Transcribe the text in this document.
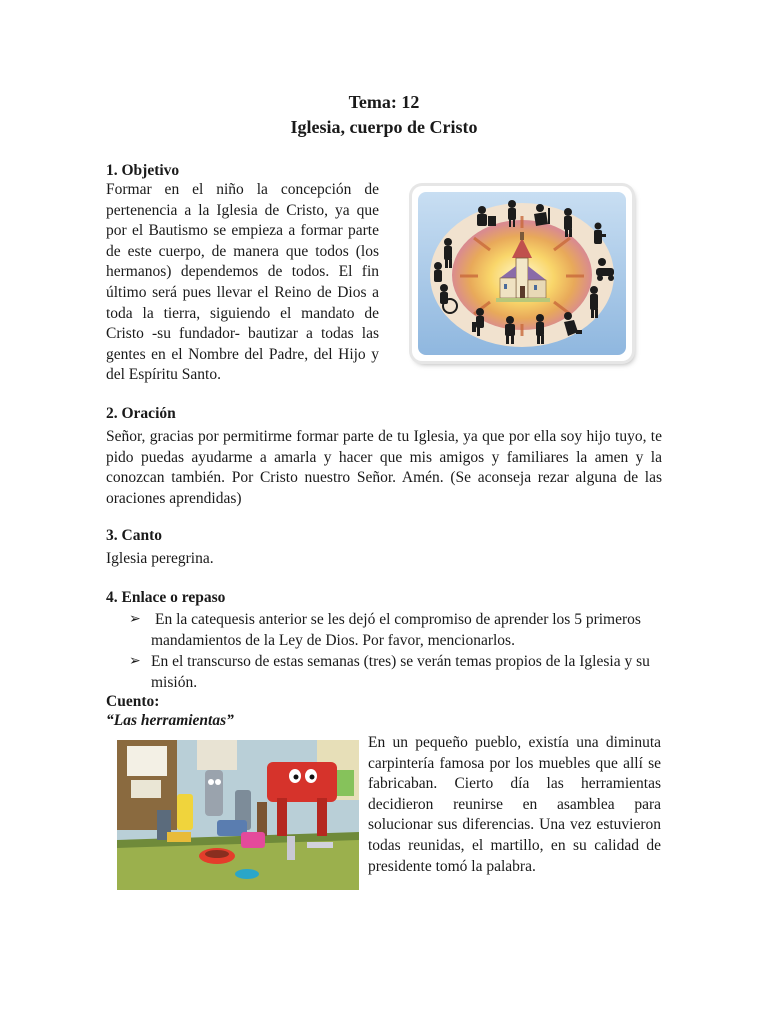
Tema: 12
Iglesia, cuerpo de Cristo
1. Objetivo
Formar en el niño la concepción de pertenencia a la Iglesia de Cristo, ya que por el Bautismo se empieza a formar parte de este cuerpo, de manera que todos (los hermanos) dependemos de todos. El fin último será pues llevar el Reino de Dios a toda la tierra, siguiendo el mandato de Cristo -su fundador- bautizar a todas las gentes en el Nombre del Padre, del Hijo y del Espíritu Santo.
2. Oración
Señor, gracias por permitirme formar parte de tu Iglesia, ya que por ella soy hijo tuyo, te pido puedas ayudarme a amarla y hacer que mis amigos y familiares la amen y la conozcan también. Por Cristo nuestro Señor. Amén. (Se aconseja rezar alguna de las oraciones aprendidas)
3. Canto
Iglesia peregrina.
4. Enlace o repaso
➢ En la catequesis anterior se les dejó el compromiso de aprender los 5 primeros mandamientos de la Ley de Dios. Por favor, mencionarlos.
➢ En el transcurso de estas semanas (tres) se verán temas propios de la Iglesia y su misión.
Cuento:
“Las herramientas”
En un pequeño pueblo, existía una diminuta carpintería famosa por los muebles que allí se fabricaban. Cierto día las herramientas decidieron reunirse en asamblea para solucionar sus diferencias. Una vez estuvieron todas reunidas, el martillo, en su calidad de presidente tomó la palabra.
